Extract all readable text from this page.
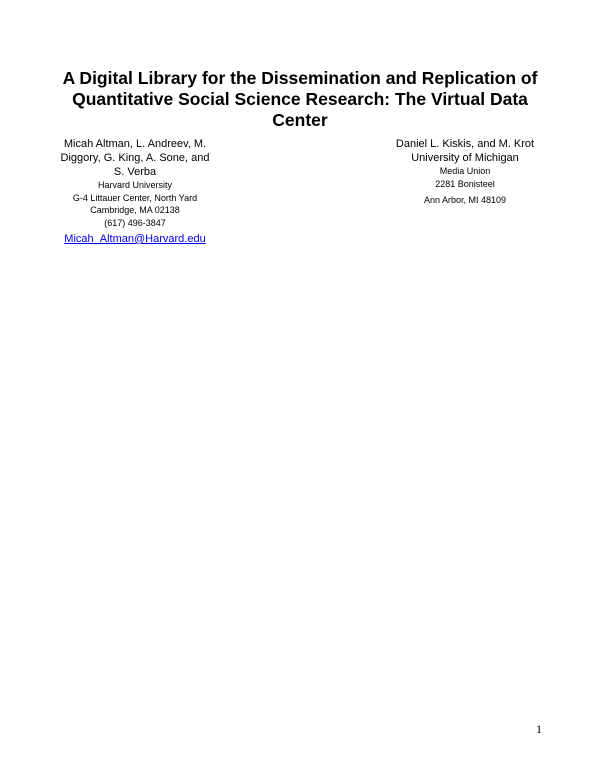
A Digital Library for the Dissemination and Replication of
Quantitative Social Science Research: The Virtual Data
Center
Micah Altman, L. Andreev, M.
Diggory, G. King, A. Sone, and
S. Verba
Harvard University
G-4 Littauer Center, North Yard
Cambridge, MA 02138
(617) 496-3847
Micah_Altman@Harvard.edu
Daniel L. Kiskis, and M. Krot
University of Michigan
Media Union
2281 Bonisteel
Ann Arbor, MI 48109
1
